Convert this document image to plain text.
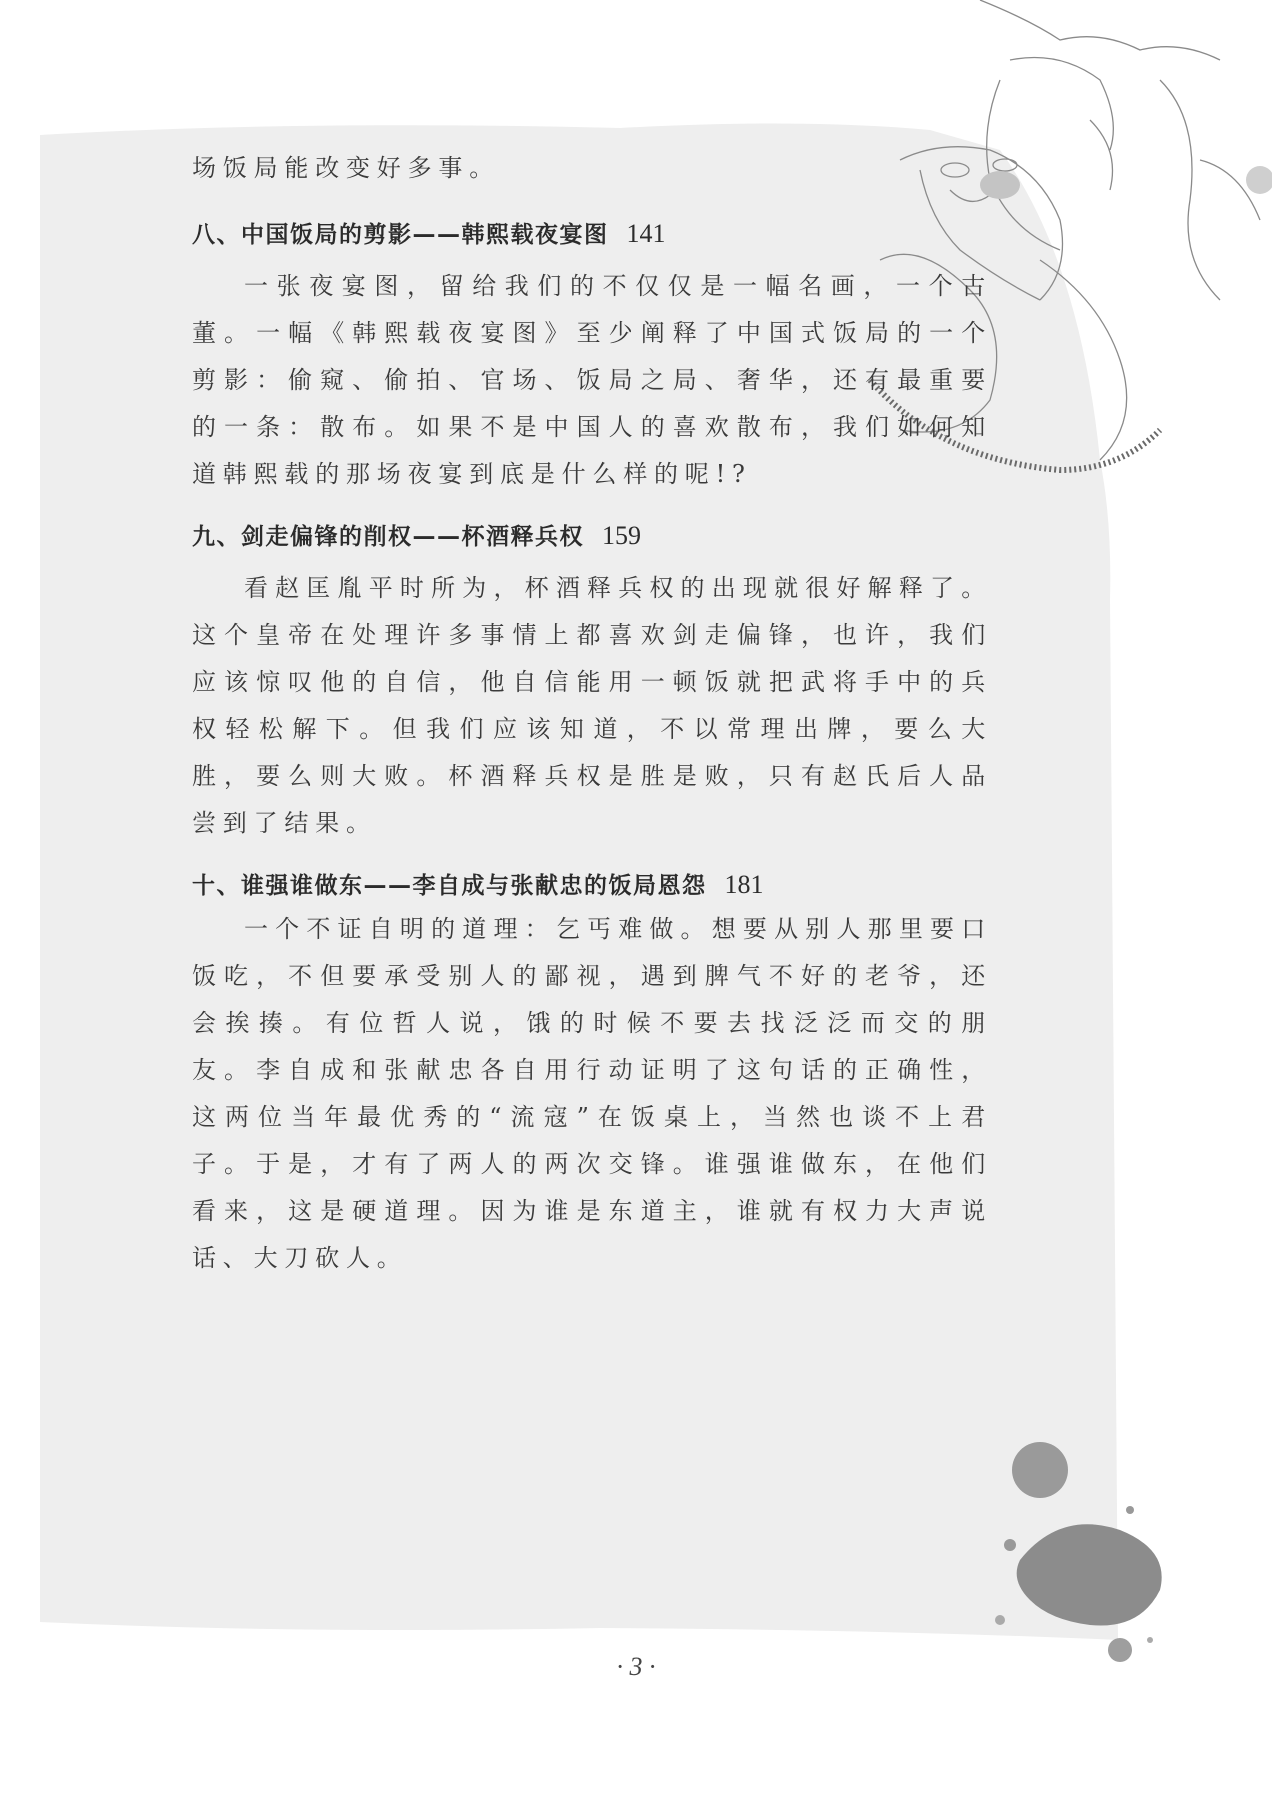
场饭局能改变好多事。

八、中国饭局的剪影——韩熙载夜宴图 141

一张夜宴图，留给我们的不仅仅是一幅名画，一个古董。一幅《韩熙载夜宴图》至少阐释了中国式饭局的一个剪影：偷窥、偷拍、官场、饭局之局、奢华，还有最重要的一条：散布。如果不是中国人的喜欢散布，我们如何知道韩熙载的那场夜宴到底是什么样的呢!?

九、剑走偏锋的削权——杯酒释兵权 159

看赵匡胤平时所为，杯酒释兵权的出现就很好解释了。这个皇帝在处理许多事情上都喜欢剑走偏锋，也许，我们应该惊叹他的自信，他自信能用一顿饭就把武将手中的兵权轻松解下。但我们应该知道，不以常理出牌，要么大胜，要么则大败。杯酒释兵权是胜是败，只有赵氏后人品尝到了结果。

十、谁强谁做东——李自成与张献忠的饭局恩怨 181

一个不证自明的道理：乞丐难做。想要从别人那里要口饭吃，不但要承受别人的鄙视，遇到脾气不好的老爷，还会挨揍。有位哲人说，饿的时候不要去找泛泛而交的朋友。李自成和张献忠各自用行动证明了这句话的正确性，这两位当年最优秀的“流寇”在饭桌上，当然也谈不上君子。于是，才有了两人的两次交锋。谁强谁做东，在他们看来，这是硬道理。因为谁是东道主，谁就有权力大声说话、大刀砍人。

· 3 ·
